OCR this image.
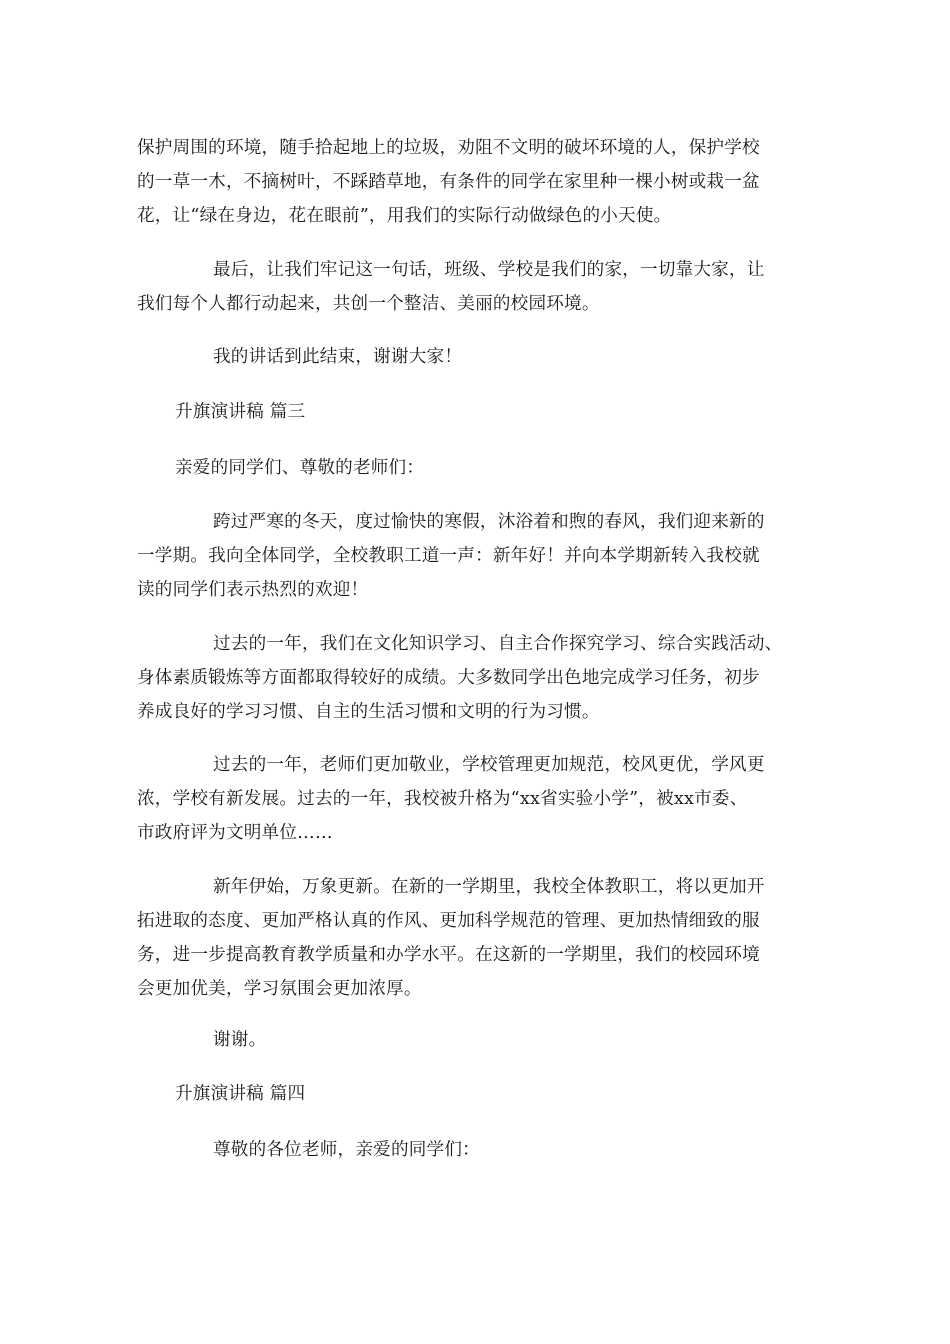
保护周围的环境，随手拾起地上的垃圾，劝阻不文明的破坏环境的人，保护学校
的一草一木，不摘树叶，不踩踏草地，有条件的同学在家里种一棵小树或栽一盆
花，让“绿在身边，花在眼前”，用我们的实际行动做绿色的小天使。
最后，让我们牢记这一句话，班级、学校是我们的家，一切靠大家，让
我们每个人都行动起来，共创一个整洁、美丽的校园环境。
我的讲话到此结束，谢谢大家！
升旗演讲稿 篇三
亲爱的同学们、尊敬的老师们：
跨过严寒的冬天，度过愉快的寒假，沐浴着和煦的春风，我们迎来新的
一学期。我向全体同学，全校教职工道一声：新年好！并向本学期新转入我校就
读的同学们表示热烈的欢迎！
过去的一年，我们在文化知识学习、自主合作探究学习、综合实践活动、
身体素质锻炼等方面都取得较好的成绩。大多数同学出色地完成学习任务，初步
养成良好的学习习惯、自主的生活习惯和文明的行为习惯。
过去的一年，老师们更加敬业，学校管理更加规范，校风更优，学风更
浓，学校有新发展。过去的一年，我校被升格为“xx省实验小学”，被xx市委、
市政府评为文明单位……
新年伊始，万象更新。在新的一学期里，我校全体教职工，将以更加开
拓进取的态度、更加严格认真的作风、更加科学规范的管理、更加热情细致的服
务，进一步提高教育教学质量和办学水平。在这新的一学期里，我们的校园环境
会更加优美，学习氛围会更加浓厚。
谢谢。
升旗演讲稿 篇四
尊敬的各位老师，亲爱的同学们：
